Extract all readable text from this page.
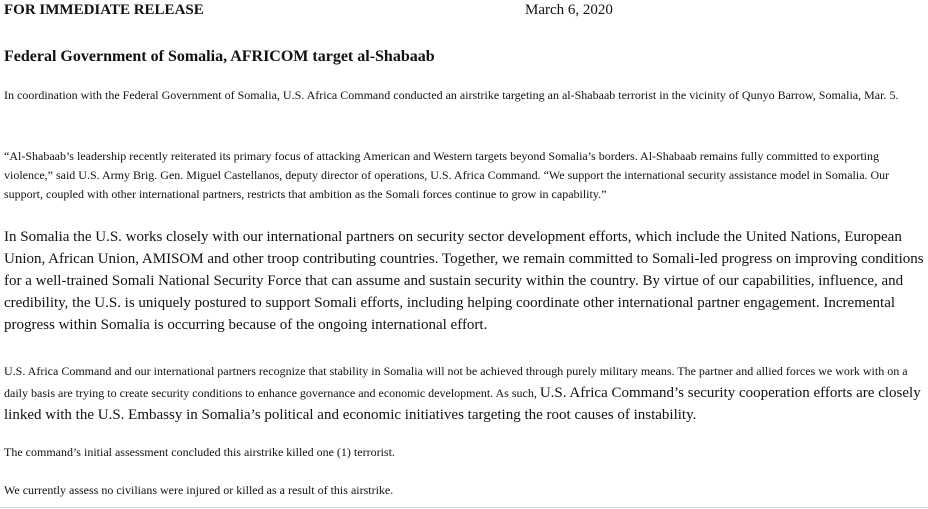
FOR IMMEDIATE RELEASE	March 6, 2020
Federal Government of Somalia, AFRICOM target al-Shabaab

In coordination with the Federal Government of Somalia, U.S. Africa Command conducted an airstrike targeting an al-Shabaab terrorist in the vicinity of Qunyo Barrow, Somalia, Mar. 5.

“Al-Shabaab’s leadership recently reiterated its primary focus of attacking American and Western targets beyond Somalia’s borders. Al-Shabaab remains fully committed to exporting violence,” said U.S. Army Brig. Gen. Miguel Castellanos, deputy director of operations, U.S. Africa Command. “We support the international security assistance model in Somalia. Our support, coupled with other international partners, restricts that ambition as the Somali forces continue to grow in capability.”

In Somalia the U.S. works closely with our international partners on security sector development efforts, which include the United Nations, European Union, African Union, AMISOM and other troop contributing countries. Together, we remain committed to Somali-led progress on improving conditions for a well-trained Somali National Security Force that can assume and sustain security within the country. By virtue of our capabilities, influence, and credibility, the U.S. is uniquely postured to support Somali efforts, including helping coordinate other international partner engagement. Incremental progress within Somalia is occurring because of the ongoing international effort.

U.S. Africa Command and our international partners recognize that stability in Somalia will not be achieved through purely military means. The partner and allied forces we work with on a daily basis are trying to create security conditions to enhance governance and economic development. As such, U.S. Africa Command’s security cooperation efforts are closely linked with the U.S. Embassy in Somalia’s political and economic initiatives targeting the root causes of instability.

The command’s initial assessment concluded this airstrike killed one (1) terrorist.

We currently assess no civilians were injured or killed as a result of this airstrike.
